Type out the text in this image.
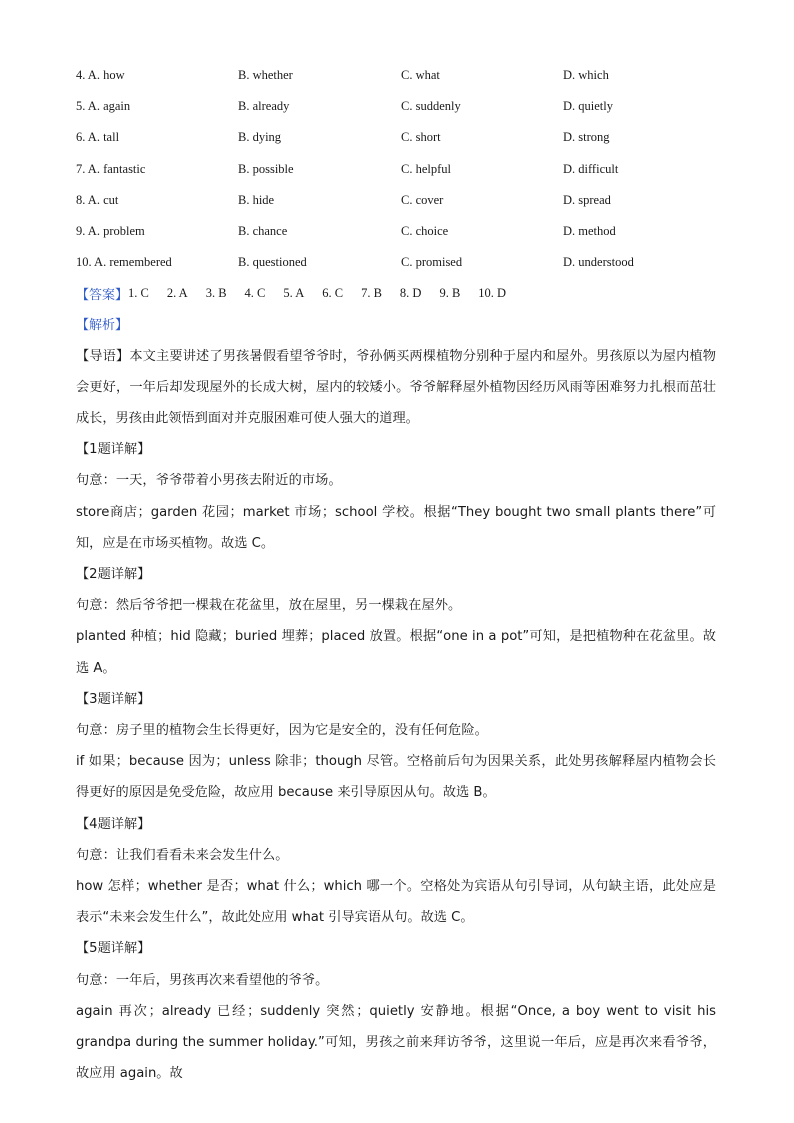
4. A. how	B. whether	C. what	D. which
5. A. again	B. already	C. suddenly	D. quietly
6. A. tall	B. dying	C. short	D. strong
7. A. fantastic	B. possible	C. helpful	D. difficult
8. A. cut	B. hide	C. cover	D. spread
9. A. problem	B. chance	C. choice	D. method
10. A. remembered	B. questioned	C. promised	D. understood
【答案】 1. C 2. A 3. B 4. C 5. A 6. C 7. B 8. D 9. B 10. D
【解析】
【导语】本文主要讲述了男孩暑假看望爷爷时，爷孙俩买两棵植物分别种于屋内和屋外。男孩原以为屋内植物会更好，一年后却发现屋外的长成大树，屋内的较矮小。爷爷解释屋外植物因经历风雨等困难努力扎根而茁壮成长，男孩由此领悟到面对并克服困难可使人强大的道理。
【1题详解】
句意：一天，爷爷带着小男孩去附近的市场。
store商店；garden 花园；market 市场；school 学校。根据“They bought two small plants there”可知，应是在市场买植物。故选 C。
【2题详解】
句意：然后爷爷把一棵栽在花盆里，放在屋里，另一棵栽在屋外。
planted 种植；hid 隐藏；buried 埋葬；placed 放置。根据“one in a pot”可知，是把植物种在花盆里。故选 A。
【3题详解】
句意：房子里的植物会生长得更好，因为它是安全的，没有任何危险。
if 如果；because 因为；unless 除非；though 尽管。空格前后句为因果关系，此处男孩解释屋内植物会长得更好的原因是免受危险，故应用 because 来引导原因从句。故选 B。
【4题详解】
句意：让我们看看未来会发生什么。
how 怎样；whether 是否；what 什么；which 哪一个。空格处为宾语从句引导词，从句缺主语，此处应是表示“未来会发生什么”，故此处应用 what 引导宾语从句。故选 C。
【5题详解】
句意：一年后，男孩再次来看望他的爷爷。
again 再次；already 已经；suddenly 突然；quietly 安静地。根据“Once, a boy went to visit his grandpa during the summer holiday.”可知，男孩之前来拜访爷爷，这里说一年后，应是再次来看爷爷，故应用 again。故
